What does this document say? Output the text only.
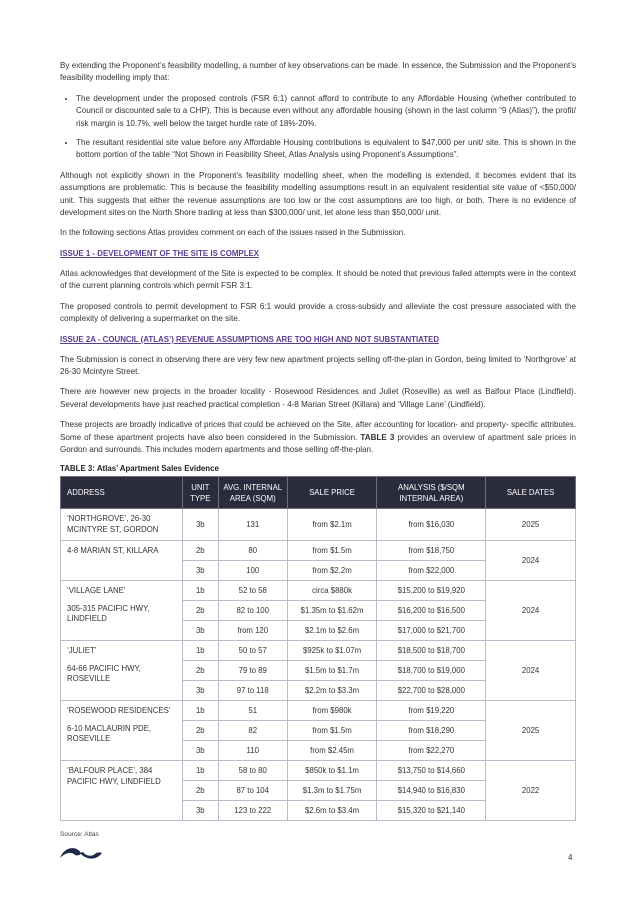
By extending the Proponent’s feasibility modelling, a number of key observations can be made. In essence, the Submission and the Proponent’s feasibility modelling imply that:

• The development under the proposed controls (FSR 6:1) cannot afford to contribute to any Affordable Housing (whether contributed to Council or discounted sale to a CHP). This is because even without any affordable housing (shown in the last column “9 (Atlas)”), the profit/ risk margin is 10.7%, well below the target hurdle rate of 18%-20%.
• The resultant residential site value before any Affordable Housing contributions is equivalent to $47,000 per unit/ site. This is shown in the bottom portion of the table “Not Shown in Feasibility Sheet, Atlas Analysis using Proponent’s Assumptions”.

Although not explicitly shown in the Proponent’s feasibility modelling sheet, when the modelling is extended, it becomes evident that its assumptions are problematic. This is because the feasibility modelling assumptions result in an equivalent residential site value of <$50,000/ unit. This suggests that either the revenue assumptions are too low or the cost assumptions are too high, or both. There is no evidence of development sites on the North Shore trading at less than $300,000/ unit, let alone less than $50,000/ unit.

In the following sections Atlas provides comment on each of the issues raised in the Submission.

ISSUE 1 - DEVELOPMENT OF THE SITE IS COMPLEX

Atlas acknowledges that development of the Site is expected to be complex. It should be noted that previous failed attempts were in the context of the current planning controls which permit FSR 3:1.

The proposed controls to permit development to FSR 6:1 would provide a cross-subsidy and alleviate the cost pressure associated with the complexity of delivering a supermarket on the site.

ISSUE 2A - COUNCIL (ATLAS’) REVENUE ASSUMPTIONS ARE TOO HIGH AND NOT SUBSTANTIATED

The Submission is correct in observing there are very few new apartment projects selling off-the-plan in Gordon, being limited to ‘Northgrove’ at 26-30 Mcintyre Street.

There are however new projects in the broader locality - Rosewood Residences and Juliet (Roseville) as well as Balfour Place (Lindfield). Several developments have just reached practical completion - 4-8 Marian Street (Killara) and ‘Village Lane’ (Lindfield).

These projects are broadly indicative of prices that could be achieved on the Site, after accounting for location- and property- specific attributes. Some of these apartment projects have also been considered in the Submission. TABLE 3 provides an overview of apartment sale prices in Gordon and surrounds. This includes modern apartments and those selling off-the-plan.

TABLE 3: Atlas’ Apartment Sales Evidence
ADDRESS	UNIT TYPE	AVG. INTERNAL AREA (SQM)	SALE PRICE	ANALYSIS ($/SQM INTERNAL AREA)	SALE DATES

‘NORTHGROVE’, 26-30 MCINTYRE ST, GORDON	3b	131	from $2.1m	from $16,030	2025

4-8 MARIAN ST, KILLARA	2b	80	from $1.5m	from $18,750	2024
	3b	100	from $2.2m	from $22,000	

‘VILLAGE LANE’
305-315 PACIFIC HWY, LINDFIELD	1b	52 to 58	circa $880k	$15,200 to $19,920	2024
	2b	82 to 100	$1.35m to $1.62m	$16,200 to $16,500	
	3b	from 120	$2.1m to $2.6m	$17,000 to $21,700	

‘JULIET’
64-66 PACIFIC HWY, ROSEVILLE	1b	50 to 57	$925k to $1.07m	$18,500 to $18,700	2024
	2b	79 to 89	$1.5m to $1.7m	$18,700 to $19,000	
	3b	97 to 118	$2.2m to $3.3m	$22,700 to $28,000	

‘ROSEWOOD RESIDENCES’
6-10 MACLAURIN PDE, ROSEVILLE	1b	51	from $980k	from $19,220	2025
	2b	82	from $1.5m	from $18,290	
	3b	110	from $2.45m	from $22,270	

‘BALFOUR PLACE’, 384 PACIFIC HWY, LINDFIELD	1b	58 to 80	$850k to $1.1m	$13,750 to $14,660	2022
	2b	87 to 104	$1.3m to $1.75m	$14,940 to $16,830	
	3b	123 to 222	$2.6m to $3.4m	$15,320 to $21,140	
Source: Atlas
4
